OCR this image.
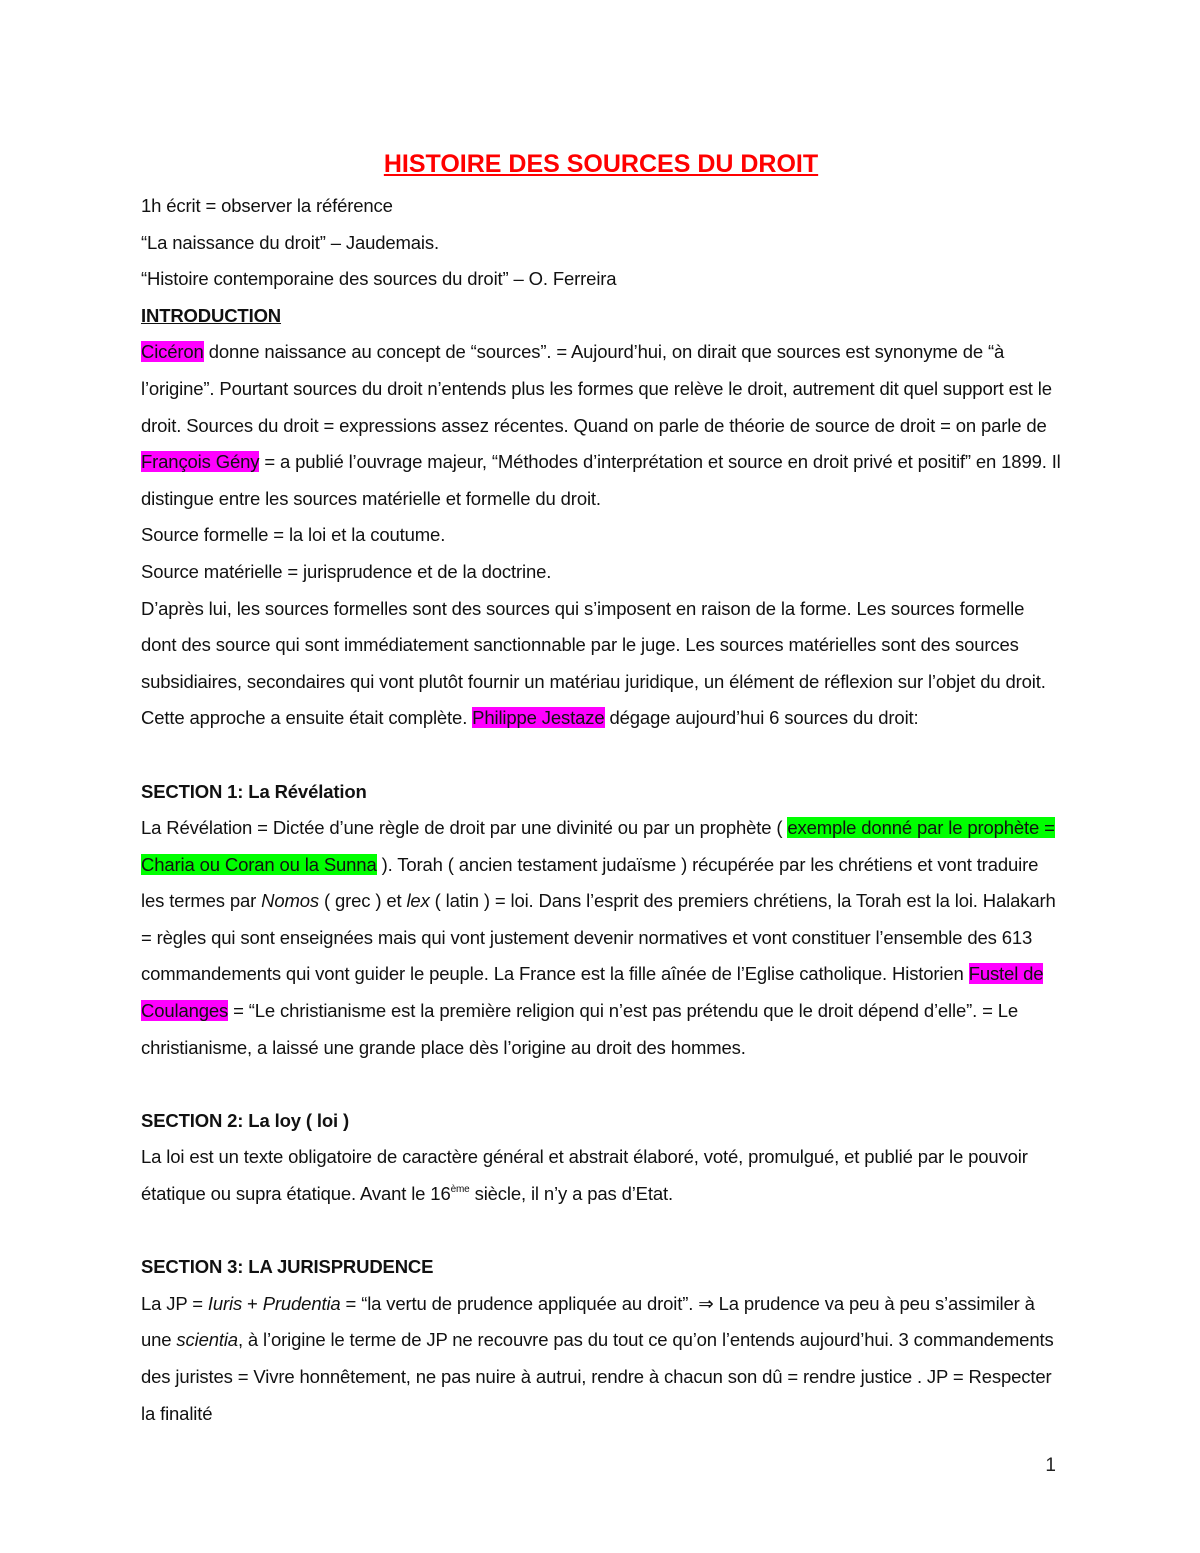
HISTOIRE DES SOURCES DU DROIT

1h écrit = observer la référence

“La naissance du droit” – Jaudemais.

“Histoire contemporaine des sources du droit” – O. Ferreira

INTRODUCTION

Cicéron donne naissance au concept de “sources”. = Aujourd’hui, on dirait que sources est synonyme de “à l’origine”. Pourtant sources du droit n’entends plus les formes que relève le droit, autrement dit quel support est le droit. Sources du droit = expressions assez récentes. Quand on parle de théorie de source de droit = on parle de François Gény = a publié l’ouvrage majeur, “Méthodes d’interprétation et source en droit privé et positif” en 1899. Il distingue entre les sources matérielle et formelle du droit.

Source formelle = la loi et la coutume.

Source matérielle = jurisprudence et de la doctrine.

D’après lui, les sources formelles sont des sources qui s’imposent en raison de la forme. Les sources formelle dont des source qui sont immédiatement sanctionnable par le juge. Les sources matérielles sont des sources subsidiaires, secondaires qui vont plutôt fournir un matériau juridique, un élément de réflexion sur l’objet du droit. Cette approche a ensuite était complète. Philippe Jestaze dégage aujourd’hui 6 sources du droit:

SECTION 1: La Révélation

La Révélation = Dictée d’une règle de droit par une divinité ou par un prophète ( exemple donné par le prophète = Charia ou Coran ou la Sunna ). Torah ( ancien testament judaïsme ) récupérée par les chrétiens et vont traduire les termes par Nomos ( grec ) et lex ( latin ) = loi. Dans l’esprit des premiers chrétiens, la Torah est la loi. Halakarh = règles qui sont enseignées mais qui vont justement devenir normatives et vont constituer l’ensemble des 613 commandements qui vont guider le peuple. La France est la fille aînée de l’Eglise catholique. Historien Fustel de Coulanges = “Le christianisme est la première religion qui n’est pas prétendu que le droit dépend d’elle”. = Le christianisme, a laissé une grande place dès l’origine au droit des hommes.

SECTION 2: La loy ( loi )

La loi est un texte obligatoire de caractère général et abstrait élaboré, voté, promulgué, et publié par le pouvoir étatique ou supra étatique. Avant le 16ème siècle, il n’y a pas d’Etat.

SECTION 3: LA JURISPRUDENCE

La JP = Iuris + Prudentia = “la vertu de prudence appliquée au droit”. ⇒ La prudence va peu à peu s’assimiler à une scientia, à l’origine le terme de JP ne recouvre pas du tout ce qu’on l’entends aujourd’hui. 3 commandements des juristes = Vivre honnêtement, ne pas nuire à autrui, rendre à chacun son dû = rendre justice . JP = Respecter la finalité

1
